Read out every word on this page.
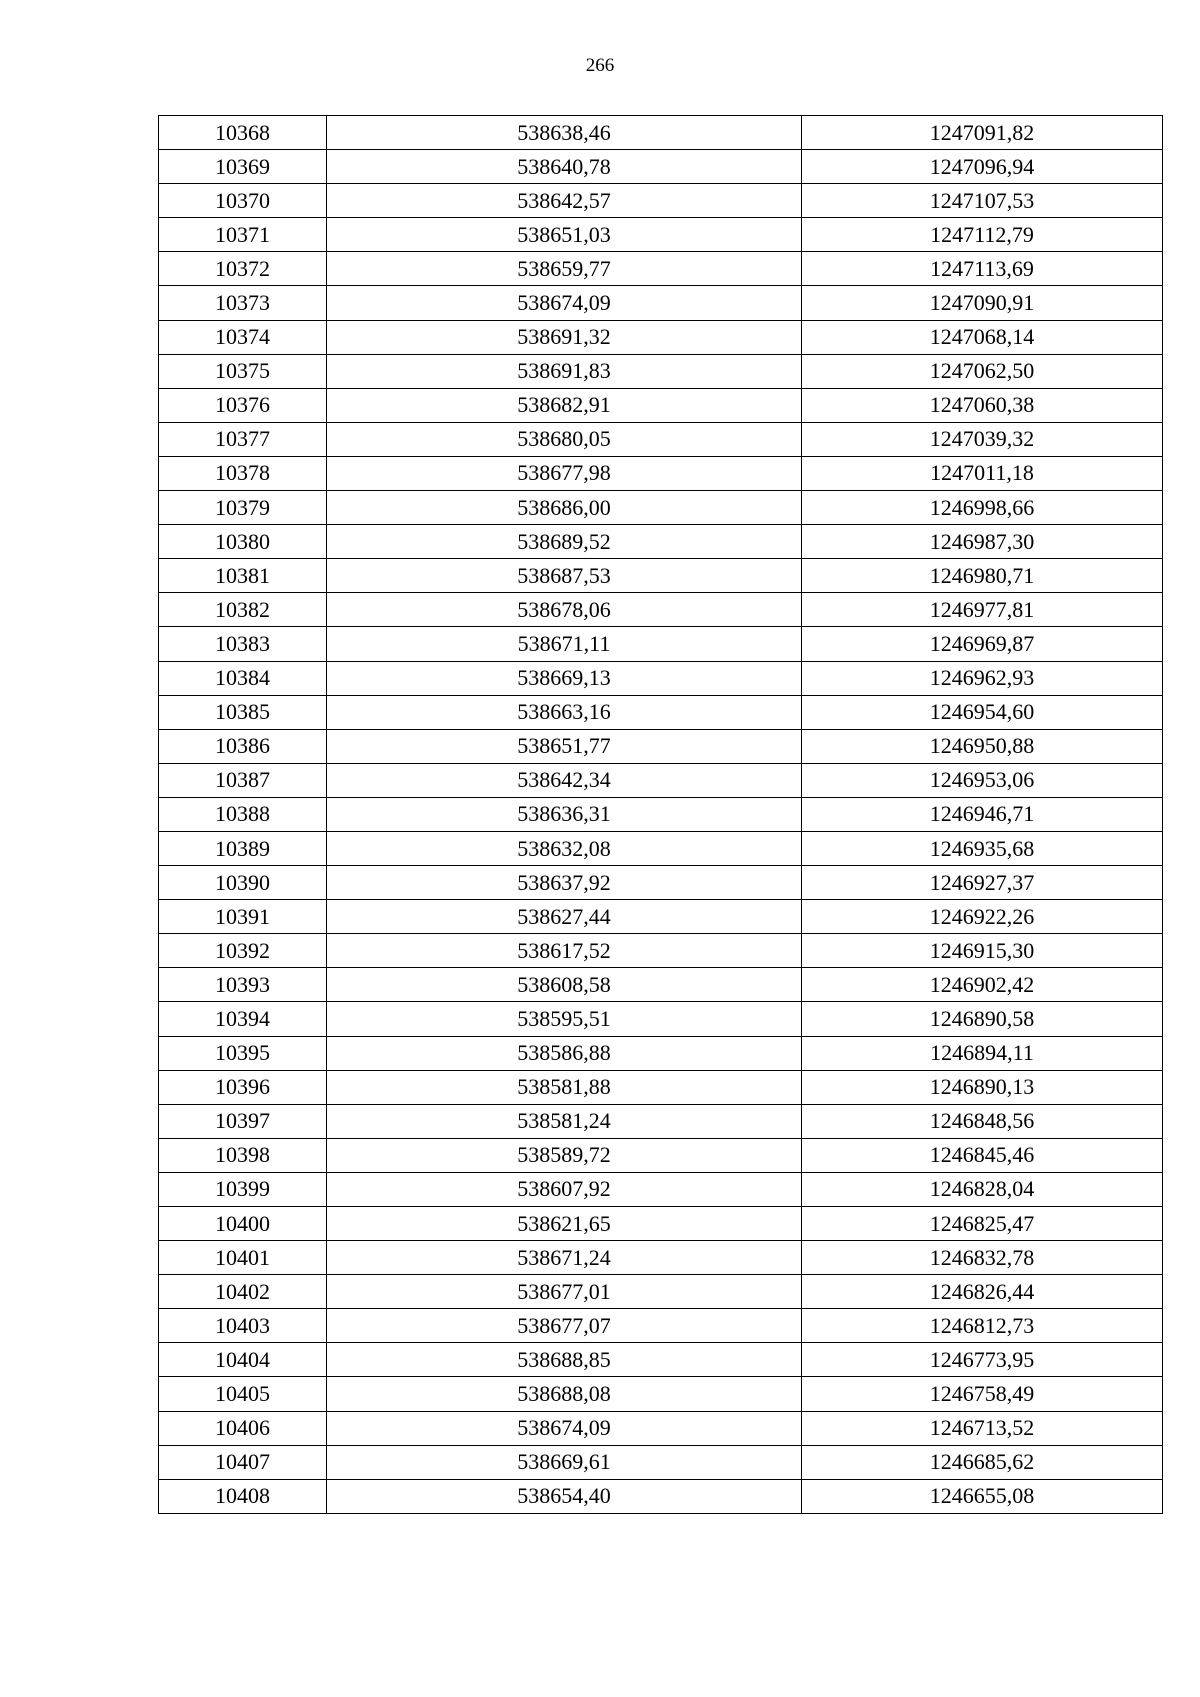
266
10368	538638,46	1247091,82
10369	538640,78	1247096,94
10370	538642,57	1247107,53
10371	538651,03	1247112,79
10372	538659,77	1247113,69
10373	538674,09	1247090,91
10374	538691,32	1247068,14
10375	538691,83	1247062,50
10376	538682,91	1247060,38
10377	538680,05	1247039,32
10378	538677,98	1247011,18
10379	538686,00	1246998,66
10380	538689,52	1246987,30
10381	538687,53	1246980,71
10382	538678,06	1246977,81
10383	538671,11	1246969,87
10384	538669,13	1246962,93
10385	538663,16	1246954,60
10386	538651,77	1246950,88
10387	538642,34	1246953,06
10388	538636,31	1246946,71
10389	538632,08	1246935,68
10390	538637,92	1246927,37
10391	538627,44	1246922,26
10392	538617,52	1246915,30
10393	538608,58	1246902,42
10394	538595,51	1246890,58
10395	538586,88	1246894,11
10396	538581,88	1246890,13
10397	538581,24	1246848,56
10398	538589,72	1246845,46
10399	538607,92	1246828,04
10400	538621,65	1246825,47
10401	538671,24	1246832,78
10402	538677,01	1246826,44
10403	538677,07	1246812,73
10404	538688,85	1246773,95
10405	538688,08	1246758,49
10406	538674,09	1246713,52
10407	538669,61	1246685,62
10408	538654,40	1246655,08
